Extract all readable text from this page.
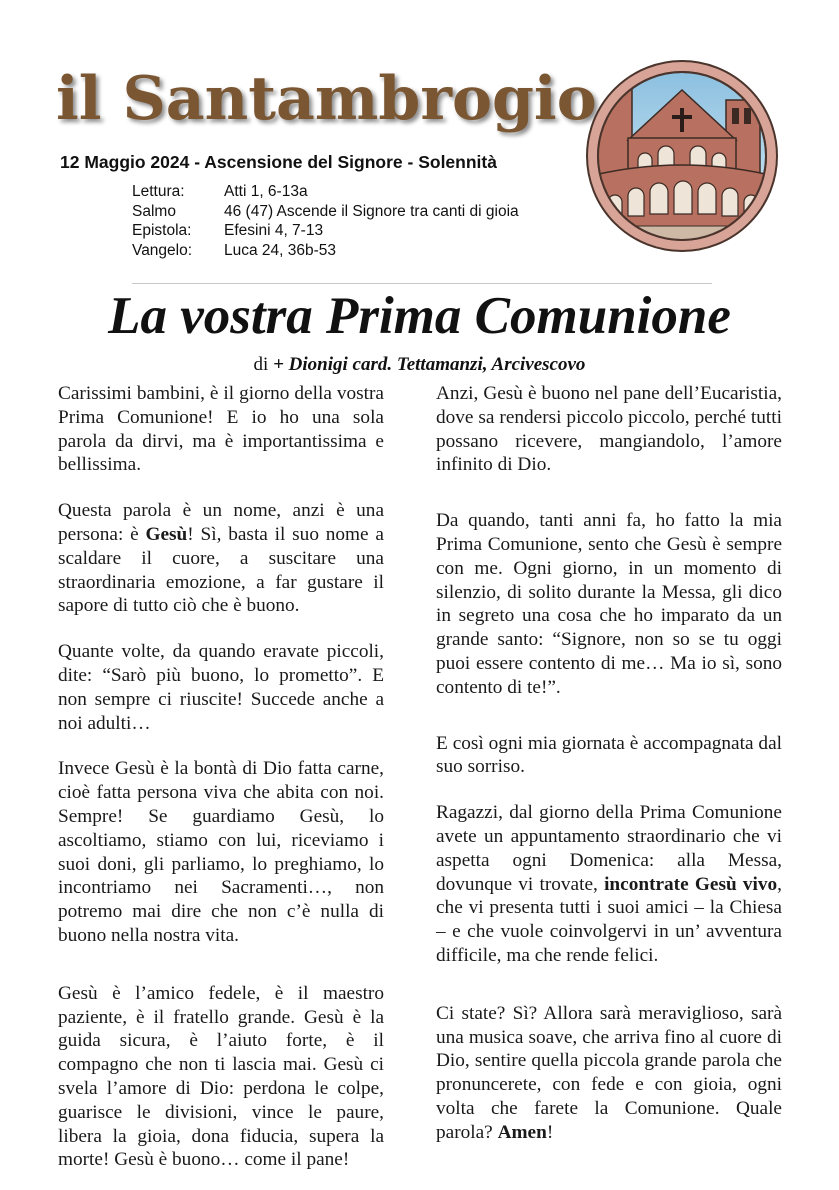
il Santambrogio
12 Maggio 2024 - Ascensione del Signore - Solennità
Lettura:	Atti 1, 6-13a
Salmo	46 (47) Ascende il Signore tra canti di gioia
Epistola:	Efesini 4, 7-13
Vangelo:	Luca 24, 36b-53
La vostra Prima Comunione
di + Dionigi card. Tettamanzi, Arcivescovo

Carissimi bambini, è il giorno della vostra Prima Comunione! E io ho una sola parola da dirvi, ma è importantissima e bellissima.

Questa parola è un nome, anzi è una persona: è Gesù! Sì, basta il suo nome a scaldare il cuore, a suscitare una straordinaria emozione, a far gustare il sapore di tutto ciò che è buono.

Quante volte, da quando eravate piccoli, dite: “Sarò più buono, lo prometto”. E non sempre ci riuscite! Succede anche a noi adulti…

Invece Gesù è la bontà di Dio fatta carne, cioè fatta persona viva che abita con noi. Sempre! Se guardiamo Gesù, lo ascoltiamo, stiamo con lui, riceviamo i suoi doni, gli parliamo, lo preghiamo, lo incontriamo nei Sacramenti…, non potremo mai dire che non c’è nulla di buono nella nostra vita.

Gesù è l’amico fedele, è il maestro paziente, è il fratello grande. Gesù è la guida sicura, è l’aiuto forte, è il compagno che non ti lascia mai. Gesù ci svela l’amore di Dio: perdona le colpe, guarisce le divisioni, vince le paure, libera la gioia, dona fiducia, supera la morte! Gesù è buono… come il pane!

Anzi, Gesù è buono nel pane dell’Eucaristia, dove sa rendersi piccolo piccolo, perché tutti possano ricevere, mangiandolo, l’amore infinito di Dio.

Da quando, tanti anni fa, ho fatto la mia Prima Comunione, sento che Gesù è sempre con me. Ogni giorno, in un momento di silenzio, di solito durante la Messa, gli dico in segreto una cosa che ho imparato da un grande santo: “Signore, non so se tu oggi puoi essere contento di me… Ma io sì, sono contento di te!”.

E così ogni mia giornata è accompagnata dal suo sorriso.

Ragazzi, dal giorno della Prima Comunione avete un appuntamento straordinario che vi aspetta ogni Domenica: alla Messa, dovunque vi trovate, incontrate Gesù vivo, che vi presenta tutti i suoi amici – la Chiesa – e che vuole coinvolgervi in un’ avventura difficile, ma che rende felici.

Ci state? Sì? Allora sarà meraviglioso, sarà una musica soave, che arriva fino al cuore di Dio, sentire quella piccola grande parola che pronuncerete, con fede e con gioia, ogni volta che farete la Comunione. Quale parola? Amen!
